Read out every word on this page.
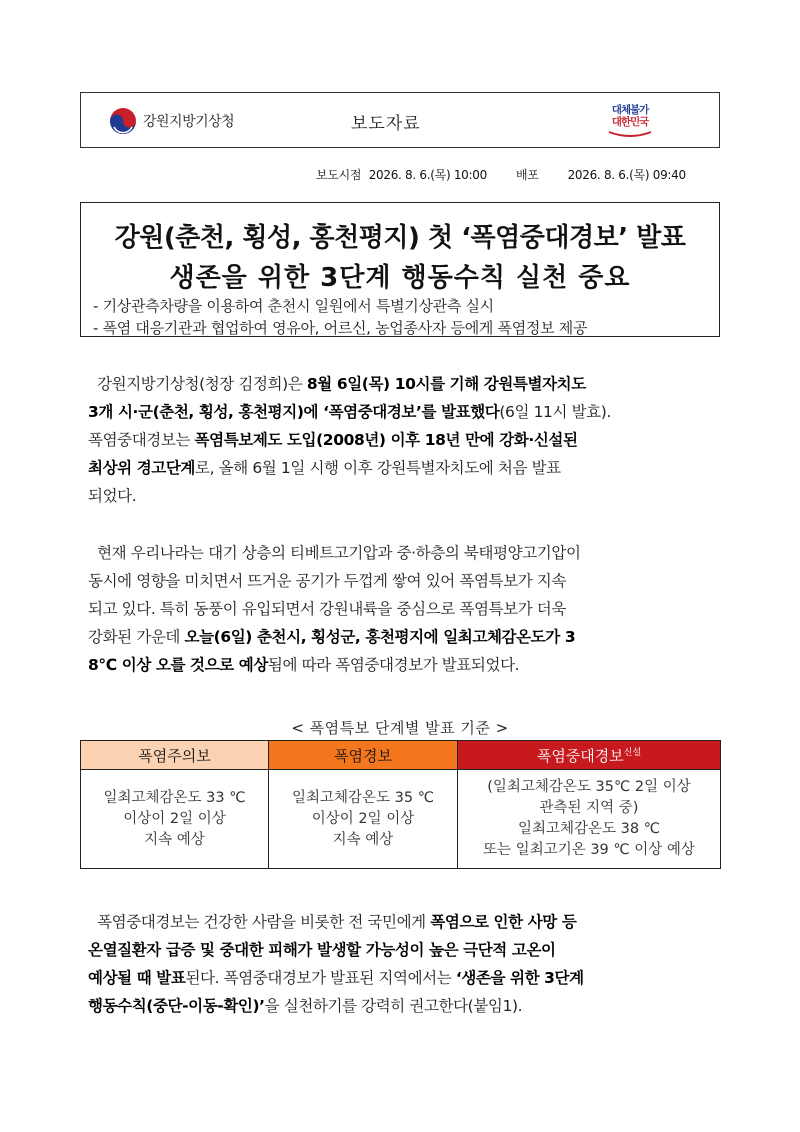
강원지방기상청	보도자료
대체불가
대한민국
보도시점 2026. 8. 6.(목) 10:00 배포 2026. 8. 6.(목) 09:40
강원(춘천, 횡성, 홍천평지) 첫 ‘폭염중대경보’ 발표
생존을 위한 3단계 행동수칙 실천 중요
- 기상관측차량을 이용하여 춘천시 일원에서 특별기상관측 실시
- 폭염 대응기관과 협업하여 영유아, 어르신, 농업종사자 등에게 폭염정보 제공

강원지방기상청(청장 김정희)은 8월 6일(목) 10시를 기해 강원특별자치도

3개 시·군(춘천, 횡성, 홍천평지)에 ‘폭염중대경보’를 발표했다(6일 11시 발효).

폭염중대경보는 폭염특보제도 도입(2008년) 이후 18년 만에 강화·신설된

최상위 경고단계로, 올해 6월 1일 시행 이후 강원특별자치도에 처음 발표

되었다.

현재 우리나라는 대기 상층의 티베트고기압과 중·하층의 북태평양고기압이

동시에 영향을 미치면서 뜨거운 공기가 두껍게 쌓여 있어 폭염특보가 지속

되고 있다. 특히 동풍이 유입되면서 강원내륙을 중심으로 폭염특보가 더욱

강화된 가운데 오늘(6일) 춘천시, 횡성군, 홍천평지에 일최고체감온도가 3

8℃ 이상 오를 것으로 예상됨에 따라 폭염중대경보가 발표되었다.

< 폭염특보 단계별 발표 기준 >
폭염주의보	폭염경보	폭염중대경보$^{신설}$

일최고체감온도 33 ℃
이상이 2일 이상
지속 예상	일최고체감온도 35 ℃
이상이 2일 이상
지속 예상	(일최고체감온도 35℃ 2일 이상
관측된 지역 중)
일최고체감온도 38 ℃
또는 일최고기온 39 ℃ 이상 예상

폭염중대경보는 건강한 사람을 비롯한 전 국민에게 폭염으로 인한 사망 등

온열질환자 급증 및 중대한 피해가 발생할 가능성이 높은 극단적 고온이

예상될 때 발표된다. 폭염중대경보가 발표된 지역에서는 ‘생존을 위한 3단계

행동수칙(중단-이동-확인)’을 실천하기를 강력히 권고한다(붙임1).
